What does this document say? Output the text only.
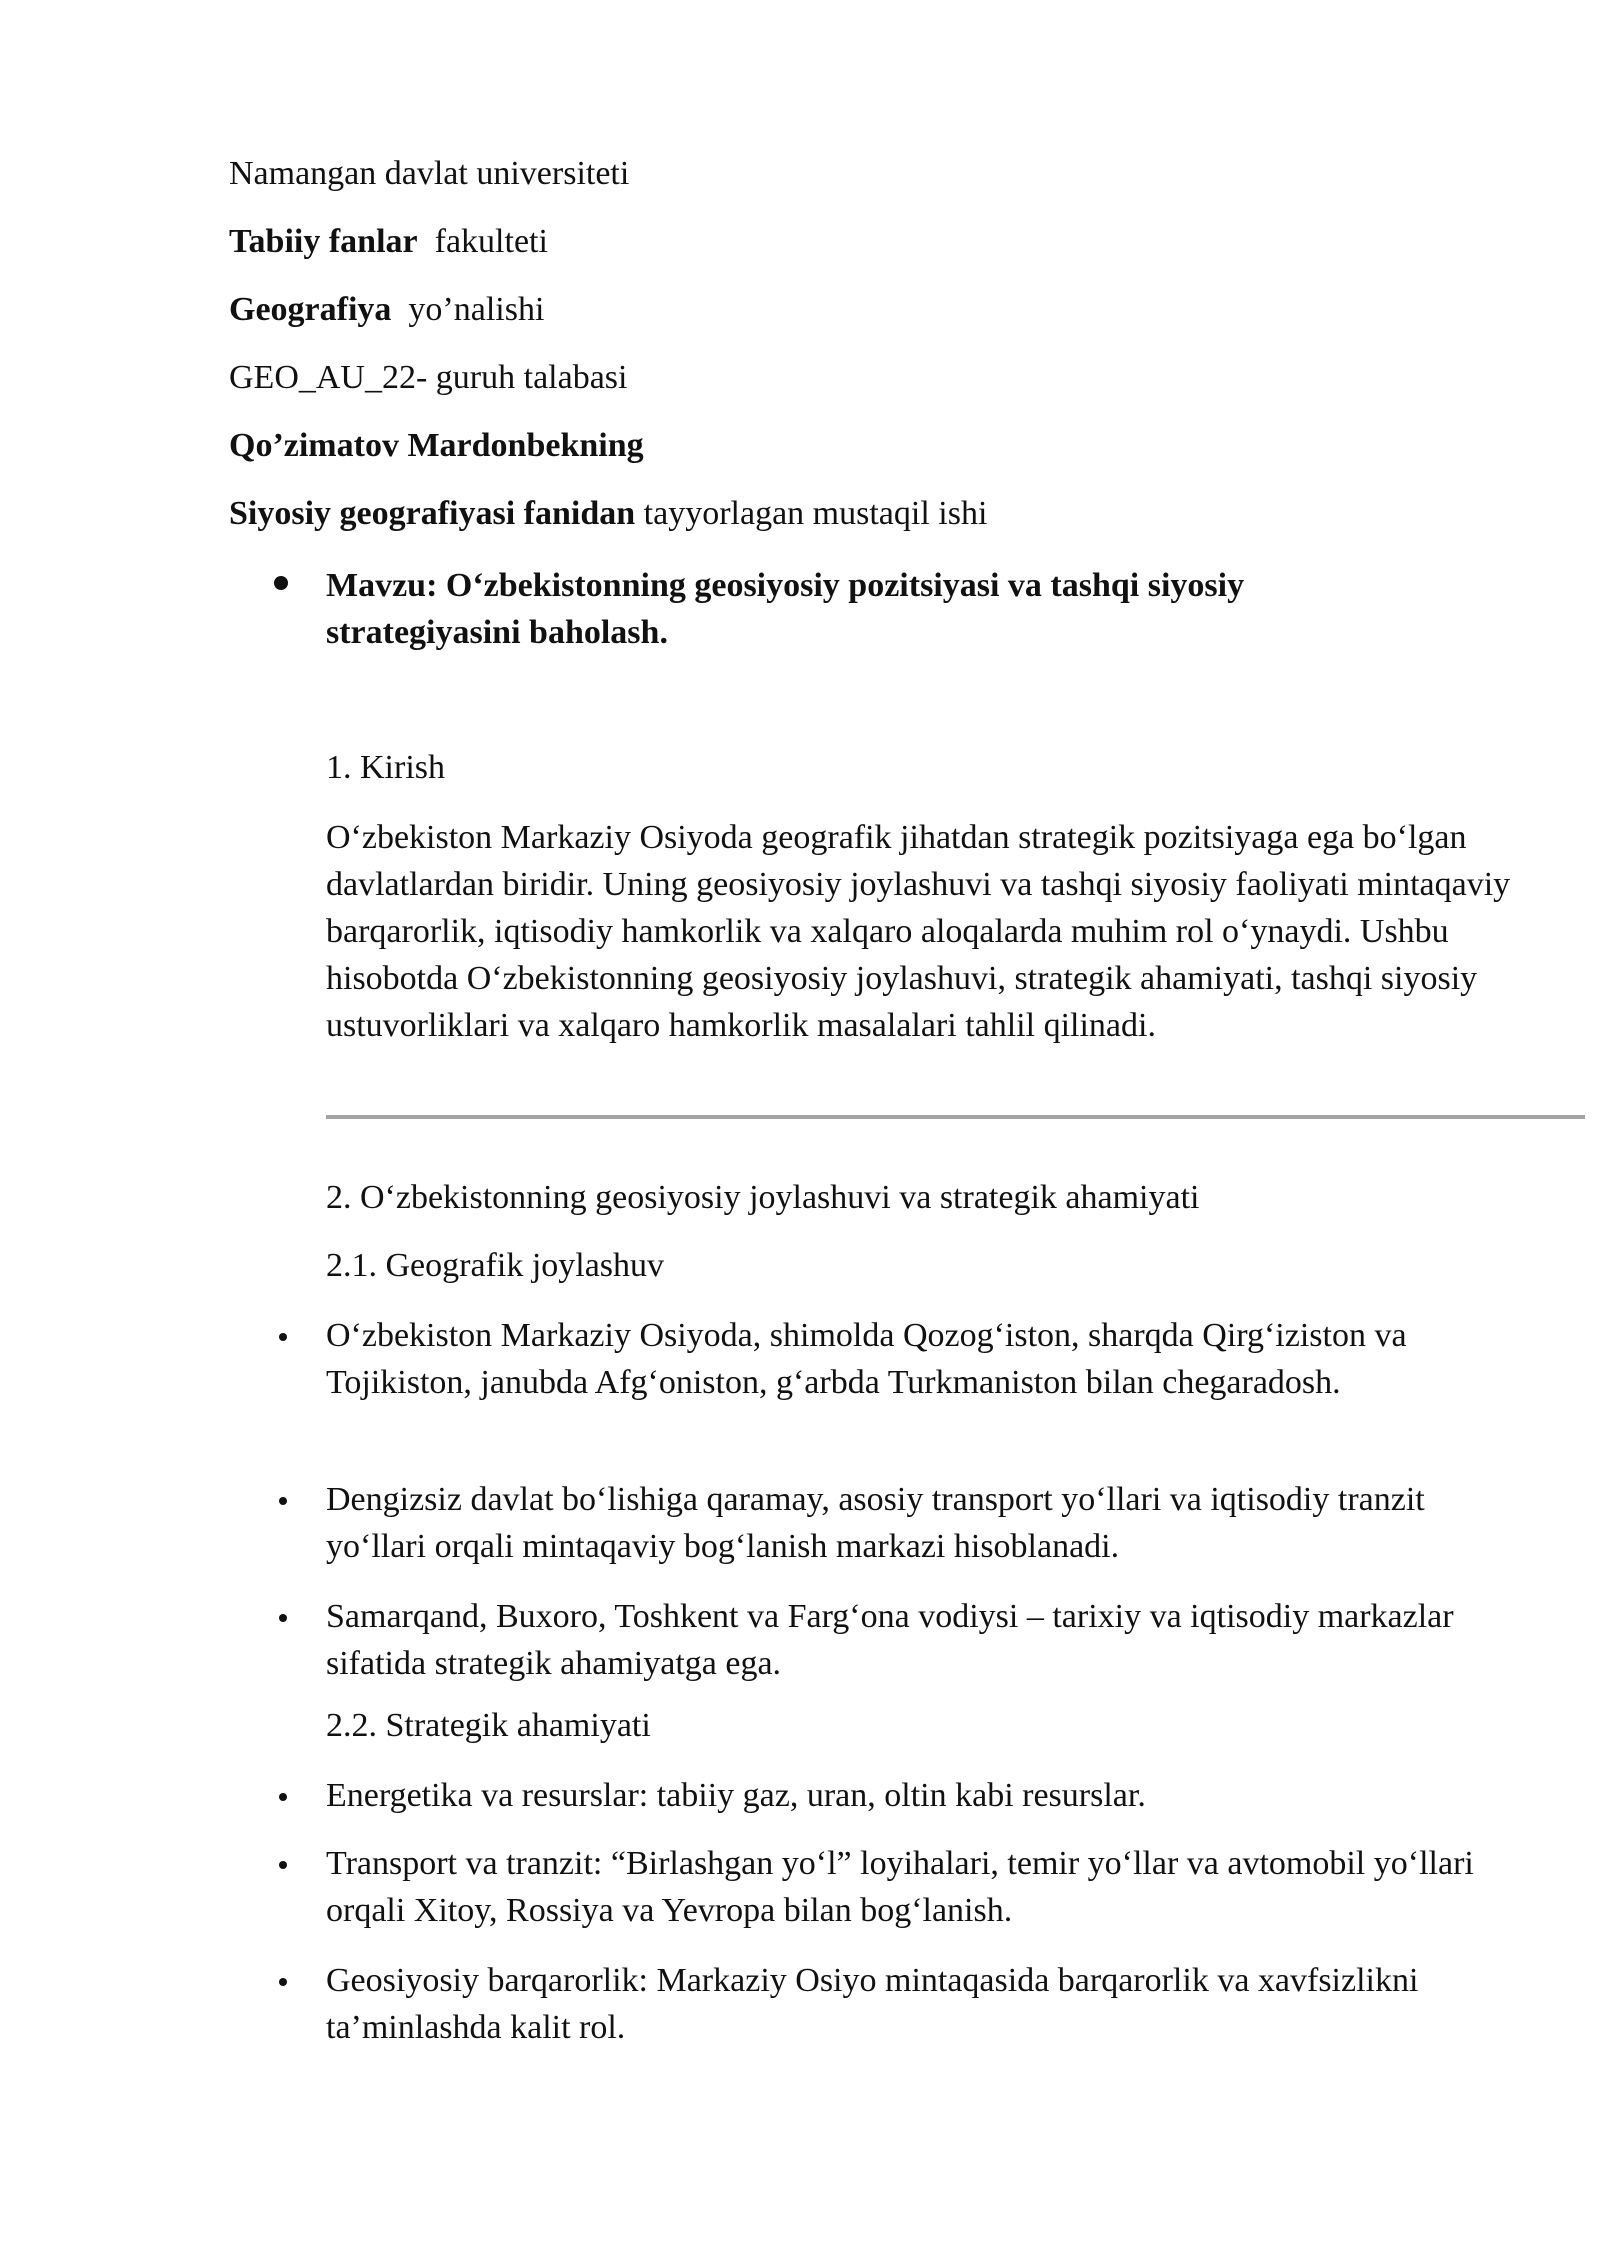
Namangan davlat universiteti
Tabiiy fanlar fakulteti
Geografiya yo’nalishi
GEO_AU_22- guruh talabasi
Qo’zimatov Mardonbekning
Siyosiy geografiyasi fanidan tayyorlagan mustaqil ishi
Mavzu: O‘zbekistonning geosiyosiy pozitsiyasi va tashqi siyosiy strategiyasini baholash.
1. Kirish
O‘zbekiston Markaziy Osiyoda geografik jihatdan strategik pozitsiyaga ega bo‘lgan davlatlardan biridir. Uning geosiyosiy joylashuvi va tashqi siyosiy faoliyati mintaqaviy barqarorlik, iqtisodiy hamkorlik va xalqaro aloqalarda muhim rol o‘ynaydi. Ushbu hisobotda O‘zbekistonning geosiyosiy joylashuvi, strategik ahamiyati, tashqi siyosiy ustuvorliklari va xalqaro hamkorlik masalalari tahlil qilinadi.
2. O‘zbekistonning geosiyosiy joylashuvi va strategik ahamiyati
2.1. Geografik joylashuv
O‘zbekiston Markaziy Osiyoda, shimolda Qozog‘iston, sharqda Qirg‘iziston va Tojikiston, janubda Afg‘oniston, g‘arbda Turkmaniston bilan chegaradosh.
Dengizsiz davlat bo‘lishiga qaramay, asosiy transport yo‘llari va iqtisodiy tranzit yo‘llari orqali mintaqaviy bog‘lanish markazi hisoblanadi.
Samarqand, Buxoro, Toshkent va Farg‘ona vodiysi – tarixiy va iqtisodiy markazlar sifatida strategik ahamiyatga ega.
2.2. Strategik ahamiyati
Energetika va resurslar: tabiiy gaz, uran, oltin kabi resurslar.
Transport va tranzit: “Birlashgan yo‘l” loyihalari, temir yo‘llar va avtomobil yo‘llari orqali Xitoy, Rossiya va Yevropa bilan bog‘lanish.
Geosiyosiy barqarorlik: Markaziy Osiyo mintaqasida barqarorlik va xavfsizlikni ta’minlashda kalit rol.
